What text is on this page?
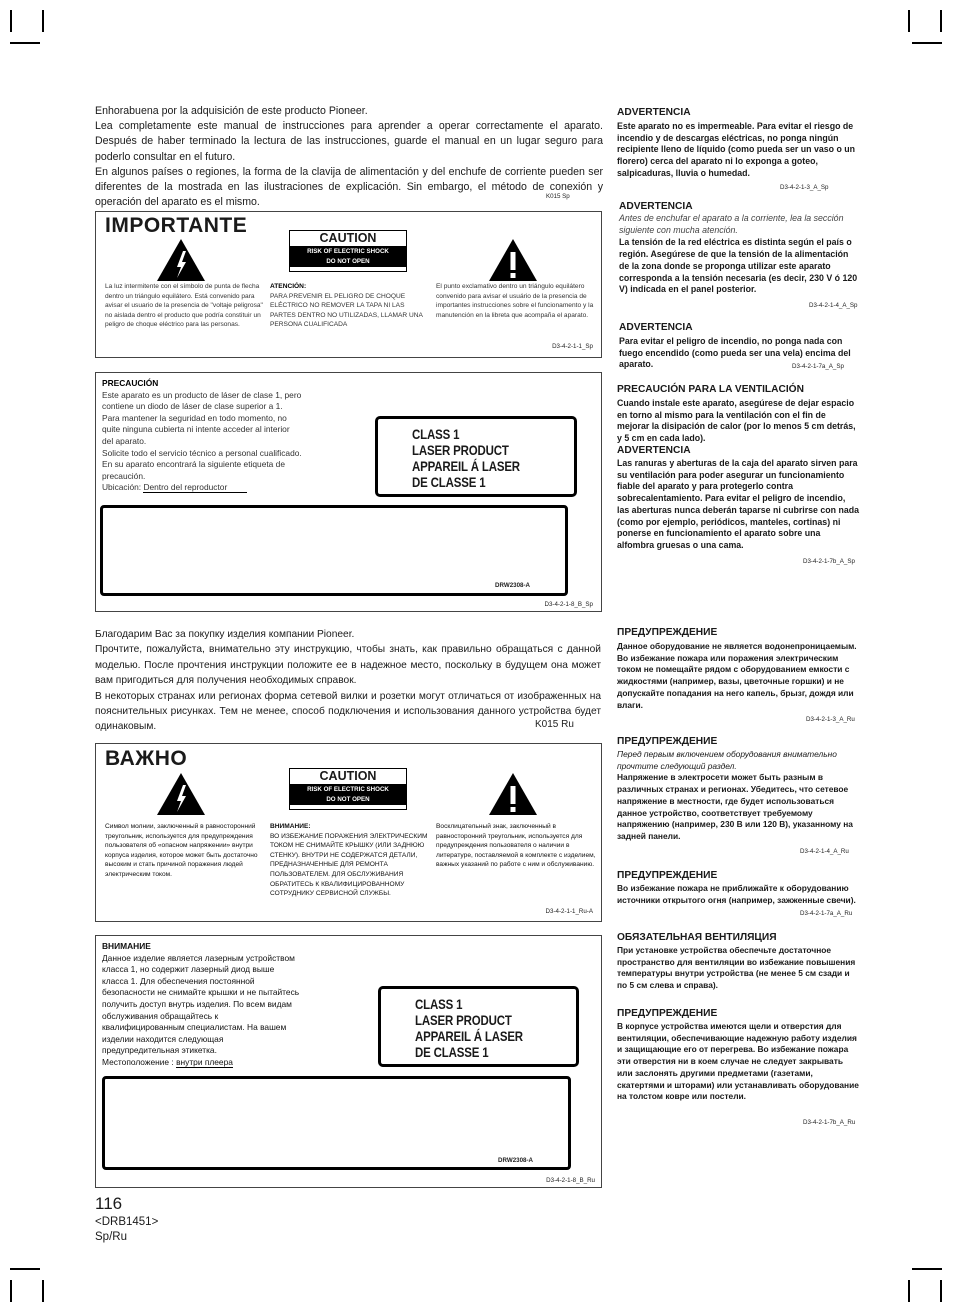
Enhorabuena por la adquisición de este producto Pioneer.

Lea completamente este manual de instrucciones para aprender a operar correctamente el aparato. Después de haber terminado la lectura de las instrucciones, guarde el manual en un lugar seguro para poderlo consultar en el futuro.

En algunos países o regiones, la forma de la clavija de alimentación y del enchufe de corriente pueden ser diferentes de la mostrada en las ilustraciones de explicación. Sin embargo, el método de conexión y operación del aparato es el mismo.	K015 Sp
IMPORTANTE
CAUTION
RISK OF ELECTRIC SHOCK
DO NOT OPEN
La luz intermitente con el símbolo de punta de flecha dentro un triángulo equilátero. Está convenido para avisar el usuario de la presencia de "voltaje peligrosa" no aislada dentro el producto que podría constituir un peligro de choque eléctrico para las personas.
ATENCIÓN:
PARA PREVENIR EL PELIGRO DE CHOQUE ELÉCTRICO NO REMOVER LA TAPA NI LAS PARTES DENTRO NO UTILIZADAS, LLAMAR UNA PERSONA CUALIFICADA
El punto exclamativo dentro un triángulo equilátero convenido para avisar el usuário de la presencia de importantes instrucciones sobre el funcionamento y la manutención en la libreta que acompaña el aparato.
D3-4-2-1-1_Sp
PRECAUCIÓN
Este aparato es un producto de láser de clase 1, pero
contiene un diodo de láser de clase superior a 1.
Para mantener la seguridad en todo momento, no
quite ninguna cubierta ni intente acceder al interior
del aparato.
Solicite todo el servicio técnico a personal cualificado.
En su aparato encontrará la siguiente etiqueta de
precaución.
Ubicación: Dentro del reproductor
CLASS 1
LASER PRODUCT
APPAREIL Á LASER
DE CLASSE 1
DRW2308-A
D3-4-2-1-8_B_Sp
ADVERTENCIA
Este aparato no es impermeable. Para evitar el riesgo de incendio y de descargas eléctricas, no ponga ningún recipiente lleno de líquido (como pueda ser un vaso o un florero) cerca del aparato ni lo exponga a goteo, salpicaduras, lluvia o humedad.
D3-4-2-1-3_A_Sp
ADVERTENCIA
Antes de enchufar el aparato a la corriente, lea la sección siguiente con mucha atención.
La tensión de la red eléctrica es distinta según el país o región. Asegúrese de que la tensión de la alimentación de la zona donde se proponga utilizar este aparato corresponda a la tensión necesaria (es decir, 230 V ó 120 V) indicada en el panel posterior.
D3-4-2-1-4_A_Sp
ADVERTENCIA
Para evitar el peligro de incendio, no ponga nada con fuego encendido (como pueda ser una vela) encima del aparato.	D3-4-2-1-7a_A_Sp
PRECAUCIÓN PARA LA VENTILACIÓN
Cuando instale este aparato, asegúrese de dejar espacio en torno al mismo para la ventilación con el fin de mejorar la disipación de calor (por lo menos 5 cm detrás, y 5 cm en cada lado).
ADVERTENCIA
Las ranuras y aberturas de la caja del aparato sirven para su ventilación para poder asegurar un funcionamiento fiable del aparato y para protegerlo contra sobrecalentamiento. Para evitar el peligro de incendio, las aberturas nunca deberán taparse ni cubrirse con nada (como por ejemplo, periódicos, manteles, cortinas) ni ponerse en funcionamiento el aparato sobre una alfombra gruesas o una cama.
D3-4-2-1-7b_A_Sp

Благодарим Вас за покупку изделия компании Pioneer.

Прочтите, пожалуйста, внимательно эту инструкцию, чтобы знать, как правильно обращаться с данной моделью. После прочтения инструкции положите ее в надежное место, поскольку в будущем она может вам пригодиться для получения необходимых справок.

В некоторых странах или регионах форма сетевой вилки и розетки могут отличаться от изображенных на пояснительных рисунках. Тем не менее, способ подключения и использования данного устройства будет одинаковым.	K015 Ru
ВАЖНО
CAUTION
RISK OF ELECTRIC SHOCK
DO NOT OPEN
Символ молнии, заключенный в равносторонний треугольник, используется для предупреждения пользователя об «опасном напряжении» внутри корпуса изделия, которое может быть достаточно высоким и стать причиной поражения людей электрическим током.
ВНИМАНИЕ:
ВО ИЗБЕЖАНИЕ ПОРАЖЕНИЯ ЭЛЕКТРИЧЕСКИМ ТОКОМ НЕ СНИМАЙТЕ КРЫШКУ (ИЛИ ЗАДНЮЮ СТЕНКУ). ВНУТРИ НЕ СОДЕРЖАТСЯ ДЕТАЛИ, ПРЕДНАЗНАЧЕННЫЕ ДЛЯ РЕМОНТА ПОЛЬЗОВАТЕЛЕМ. ДЛЯ ОБСЛУЖИВАНИЯ ОБРАТИТЕСЬ К КВАЛИФИЦИРОВАННОМУ СОТРУДНИКУ СЕРВИСНОЙ СЛУЖБЫ.
Восклицательный знак, заключенный в равносторонний треугольник, используется для предупреждения пользователя о наличии в литературе, поставляемой в комплекте с изделием, важных указаний по работе с ним и обслуживанию.
D3-4-2-1-1_Ru-A
ВНИМАНИЕ
Данное изделие является лазерным устройством
класса 1, но содержит лазерный диод выше
класса 1. Для обеспечения постоянной
безопасности не снимайте крышки и не пытайтесь
получить доступ внутрь изделия. По всем видам
обслуживания обращайтесь к
квалифицированным специалистам. На вашем
изделии находится следующая
предупредительная этикетка.
Местоположение : внутри плеера
CLASS 1
LASER PRODUCT
APPAREIL Á LASER
DE CLASSE 1
DRW2308-A
D3-4-2-1-8_B_Ru
ПРЕДУПРЕЖДЕНИЕ
Данное оборудование не является водонепроницаемым. Во избежание пожара или поражения электрическим током не помещайте рядом с оборудованием емкости с жидкостями (например, вазы, цветочные горшки) и не допускайте попадания на него капель, брызг, дождя или влаги.
D3-4-2-1-3_A_Ru
ПРЕДУПРЕЖДЕНИЕ
Перед первым включением оборудования внимательно прочтите следующий раздел.
Напряжение в электросети может быть разным в различных странах и регионах. Убедитесь, что сетевое напряжение в местности, где будет использоваться данное устройство, соответствует требуемому напряжению (например, 230 В или 120 В), указанному на задней панели.
D3-4-2-1-4_A_Ru
ПРЕДУПРЕЖДЕНИЕ
Во избежание пожара не приближайте к оборудованию источники открытого огня (например, зажженные свечи).
D3-4-2-1-7a_A_Ru
ОБЯЗАТЕЛЬНАЯ ВЕНТИЛЯЦИЯ
При установке устройства обеспечьте достаточное пространство для вентиляции во избежание повышения температуры внутри устройства (не менее 5 см сзади и по 5 см слева и справа).
ПРЕДУПРЕЖДЕНИЕ
В корпусе устройства имеются щели и отверстия для вентиляции, обеспечивающие надежную работу изделия и защищающие его от перегрева. Во избежание пожара эти отверстия ни в коем случае не следует закрывать или заслонять другими предметами (газетами, скатертями и шторами) или устанавливать оборудование на толстом ковре или постели.
D3-4-2-1-7b_A_Ru
116
<DRB1451>
Sp/Ru
